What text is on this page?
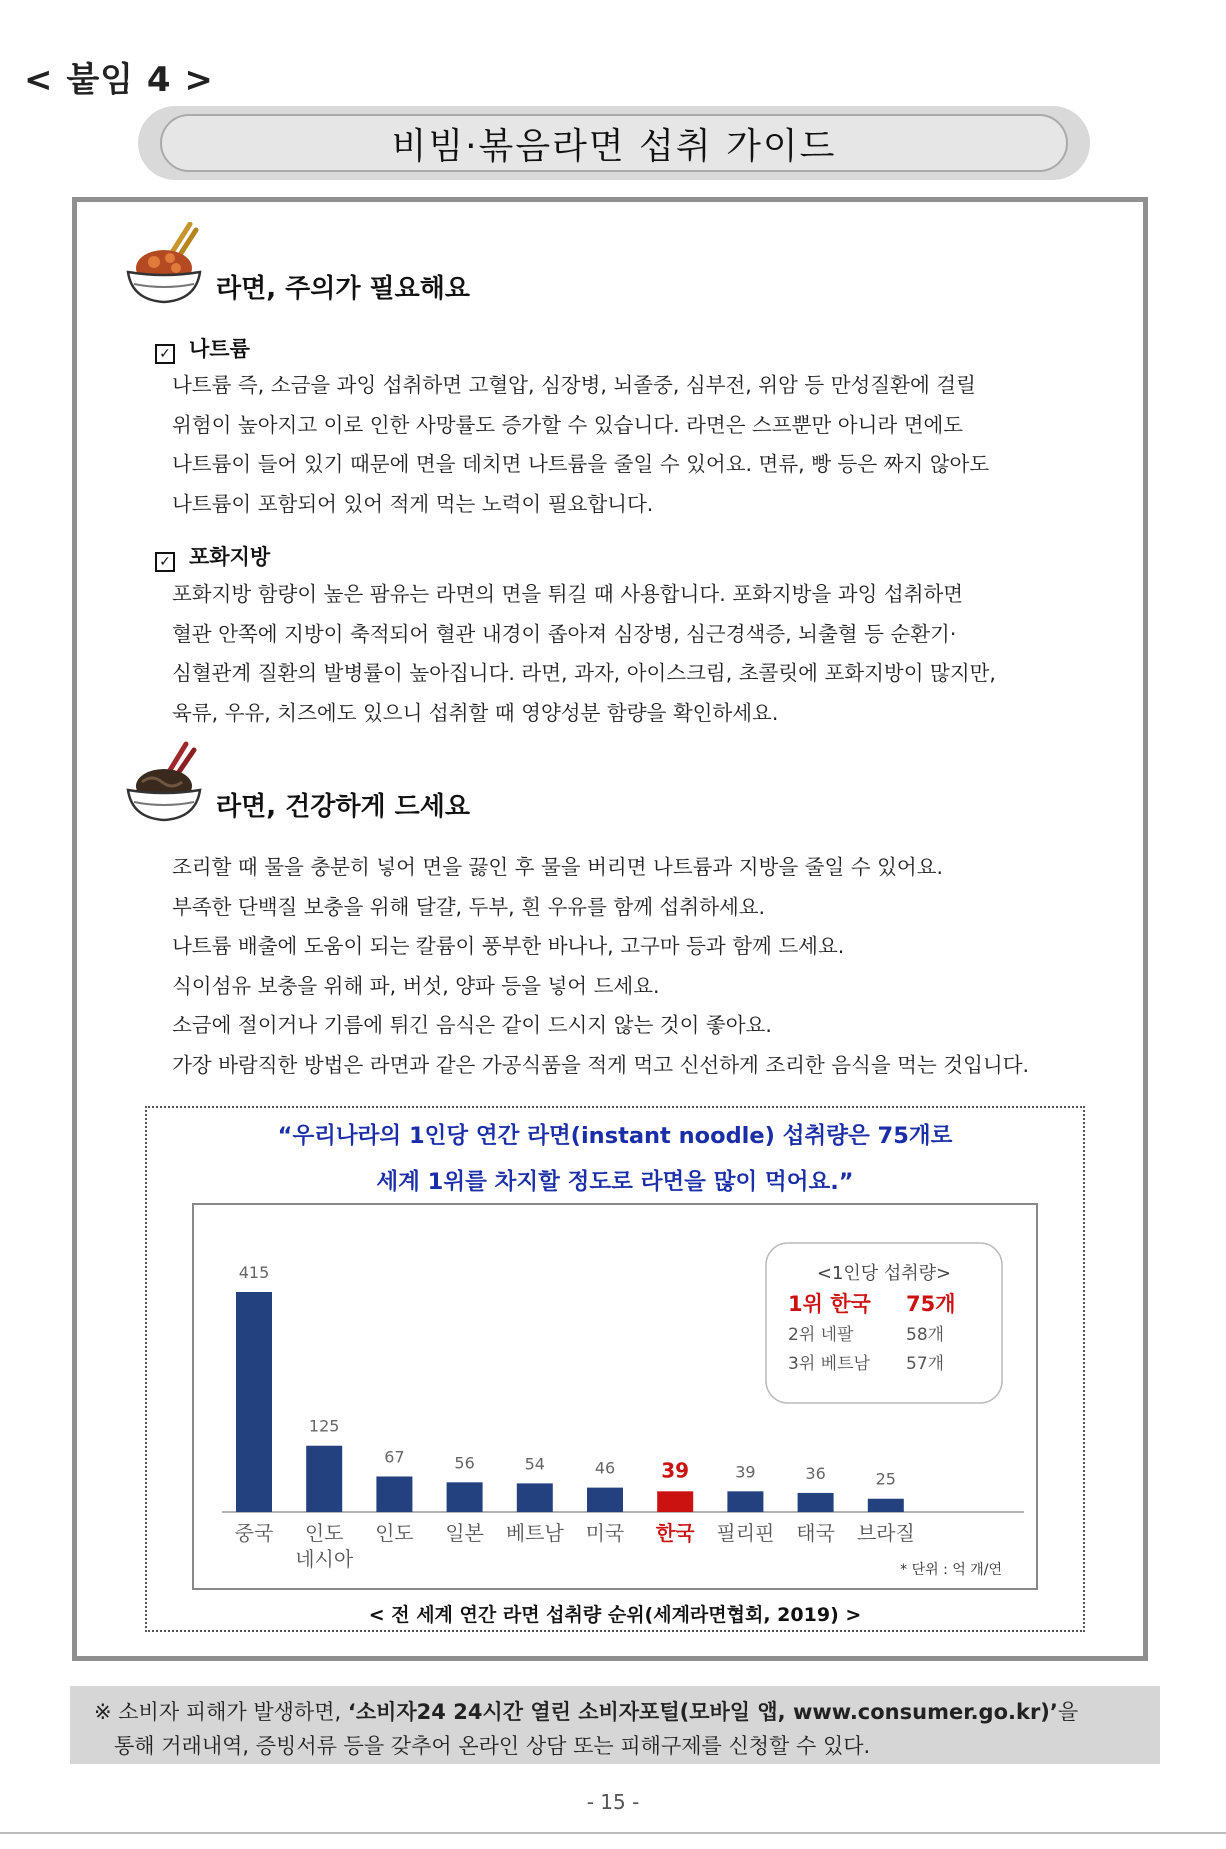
< 붙임 4 >
비빔·볶음라면 섭취 가이드
라면, 주의가 필요해요
✓ 나트륨
나트륨 즉, 소금을 과잉 섭취하면 고혈압, 심장병, 뇌졸중, 심부전, 위암 등 만성질환에 걸릴
위험이 높아지고 이로 인한 사망률도 증가할 수 있습니다. 라면은 스프뿐만 아니라 면에도
나트륨이 들어 있기 때문에 면을 데치면 나트륨을 줄일 수 있어요. 면류, 빵 등은 짜지 않아도
나트륨이 포함되어 있어 적게 먹는 노력이 필요합니다.
✓ 포화지방
포화지방 함량이 높은 팜유는 라면의 면을 튀길 때 사용합니다. 포화지방을 과잉 섭취하면
혈관 안쪽에 지방이 축적되어 혈관 내경이 좁아져 심장병, 심근경색증, 뇌출혈 등 순환기·
심혈관계 질환의 발병률이 높아집니다. 라면, 과자, 아이스크림, 초콜릿에 포화지방이 많지만,
육류, 우유, 치즈에도 있으니 섭취할 때 영양성분 함량을 확인하세요.
라면, 건강하게 드세요
조리할 때 물을 충분히 넣어 면을 끓인 후 물을 버리면 나트륨과 지방을 줄일 수 있어요.
부족한 단백질 보충을 위해 달걀, 두부, 흰 우유를 함께 섭취하세요.
나트륨 배출에 도움이 되는 칼륨이 풍부한 바나나, 고구마 등과 함께 드세요.
식이섬유 보충을 위해 파, 버섯, 양파 등을 넣어 드세요.
소금에 절이거나 기름에 튀긴 음식은 같이 드시지 않는 것이 좋아요.
가장 바람직한 방법은 라면과 같은 가공식품을 적게 먹고 신선하게 조리한 음식을 먹는 것입니다.
“우리나라의 1인당 연간 라면(instant noodle) 섭취량은 75개로
세계 1위를 차지할 정도로 라면을 많이 먹어요.”
415
중국
125
인도
네시아
67
인도
56
일본
54
베트남
46
미국
39
한국
39
필리핀
36
태국
25
브라질
<1인당 섭취량>
1위 한국 75개
2위 네팔	58개
3위 베트남 57개
* 단위 : 억 개/연
< 전 세계 연간 라면 섭취량 순위(세계라면협회, 2019) >
※ 소비자 피해가 발생하면, ‘소비자24 24시간 열린 소비자포털(모바일 앱, www.consumer.go.kr)’을
통해 거래내역, 증빙서류 등을 갖추어 온라인 상담 또는 피해구제를 신청할 수 있다.
- 15 -
